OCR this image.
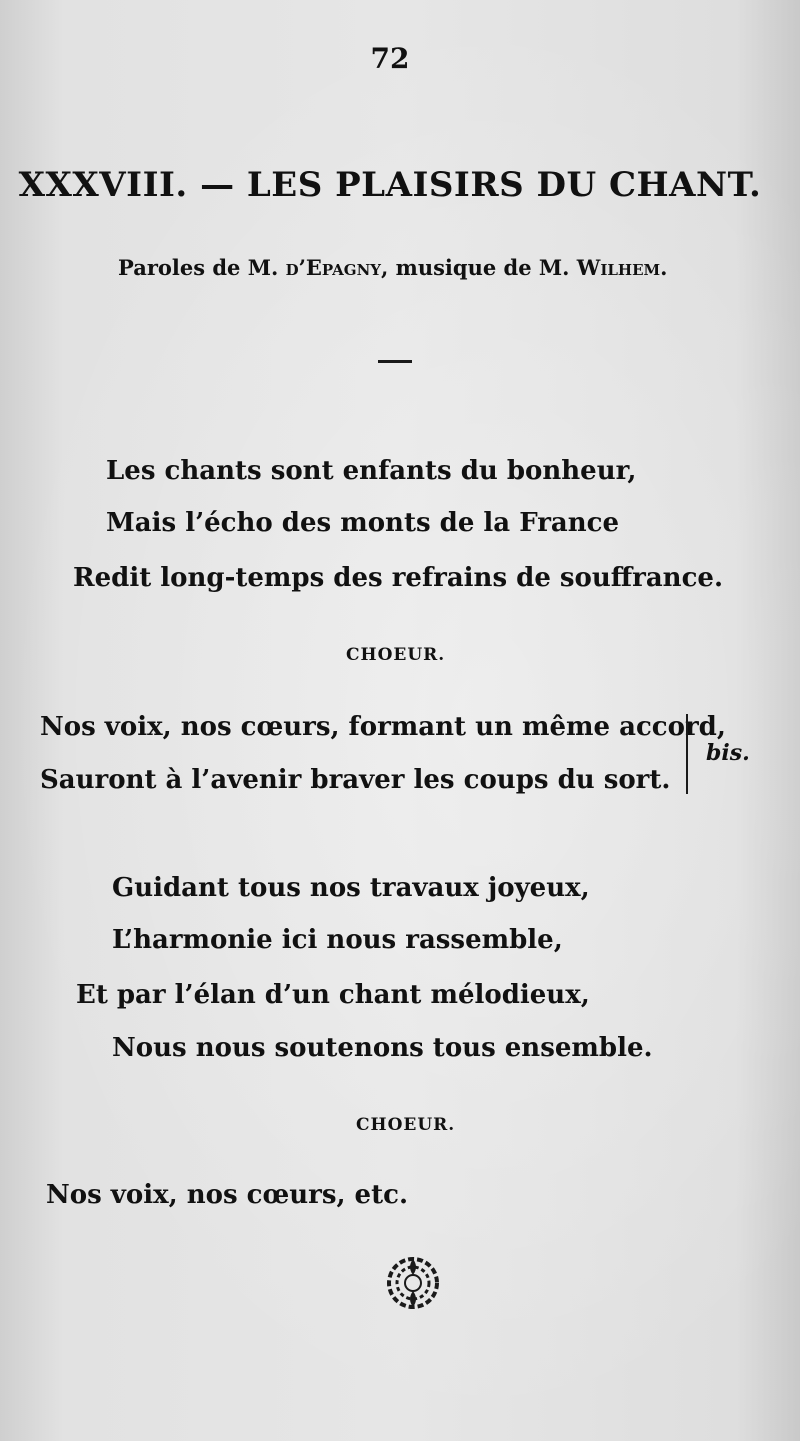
72
XXXVIII. — LES PLAISIRS DU CHANT.
Paroles de M. d’Epagny, musique de M. Wilhem.
Les chants sont enfants du bonheur,
Mais l’écho des monts de la France
Redit long-temps des refrains de souffrance.
CHOEUR.
Nos voix, nos cœurs, formant un même accord,
Sauront à l’avenir braver les coups du sort.
bis.
Guidant tous nos travaux joyeux,
L’harmonie ici nous rassemble,
Et par l’élan d’un chant mélodieux,
Nous nous soutenons tous ensemble.
CHOEUR.
Nos voix, nos cœurs, etc.
